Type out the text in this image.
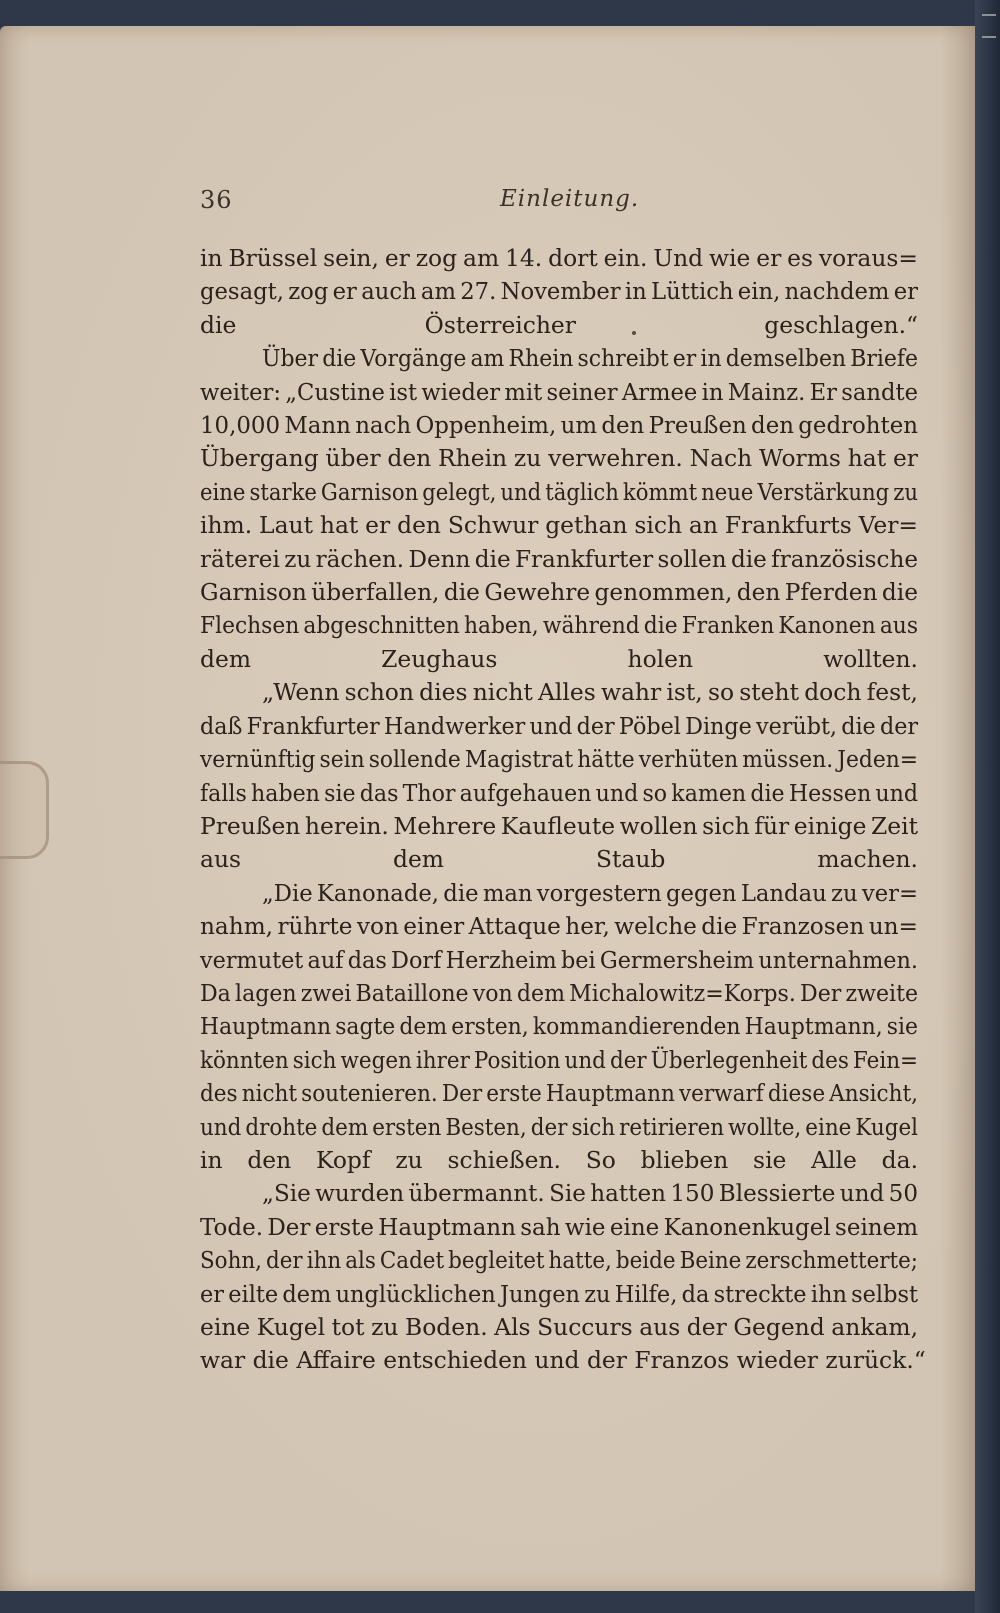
36	Einleitung.

in Brüssel sein, er zog am 14. dort ein. Und wie er es voraus=
gesagt, zog er auch am 27. November in Lüttich ein, nachdem er
die Österreicher geschlagen.“

Über die Vorgänge am Rhein schreibt er in demselben Briefe
weiter: „Custine ist wieder mit seiner Armee in Mainz. Er sandte
10,000 Mann nach Oppenheim, um den Preußen den gedrohten
Übergang über den Rhein zu verwehren. Nach Worms hat er
eine starke Garnison gelegt, und täglich kömmt neue Verstärkung zu
ihm. Laut hat er den Schwur gethan sich an Frankfurts Ver=
räterei zu rächen. Denn die Frankfurter sollen die französische
Garnison überfallen, die Gewehre genommen, den Pferden die
Flechsen abgeschnitten haben, während die Franken Kanonen aus
dem Zeughaus holen wollten.

„Wenn schon dies nicht Alles wahr ist, so steht doch fest,
daß Frankfurter Handwerker und der Pöbel Dinge verübt, die der
vernünftig sein sollende Magistrat hätte verhüten müssen. Jeden=
falls haben sie das Thor aufgehauen und so kamen die Hessen und
Preußen herein. Mehrere Kaufleute wollen sich für einige Zeit
aus dem Staub machen.

„Die Kanonade, die man vorgestern gegen Landau zu ver=
nahm, rührte von einer Attaque her, welche die Franzosen un=
vermutet auf das Dorf Herzheim bei Germersheim unternahmen.
Da lagen zwei Bataillone von dem Michalowitz=Korps. Der zweite
Hauptmann sagte dem ersten, kommandierenden Hauptmann, sie
könnten sich wegen ihrer Position und der Überlegenheit des Fein=
des nicht soutenieren. Der erste Hauptmann verwarf diese Ansicht,
und drohte dem ersten Besten, der sich retirieren wollte, eine Kugel
in den Kopf zu schießen. So blieben sie Alle da.

„Sie wurden übermannt. Sie hatten 150 Blessierte und 50
Tode. Der erste Hauptmann sah wie eine Kanonenkugel seinem
Sohn, der ihn als Cadet begleitet hatte, beide Beine zerschmetterte;
er eilte dem unglücklichen Jungen zu Hilfe, da streckte ihn selbst
eine Kugel tot zu Boden. Als Succurs aus der Gegend ankam,
war die Affaire entschieden und der Franzos wieder zurück.“
